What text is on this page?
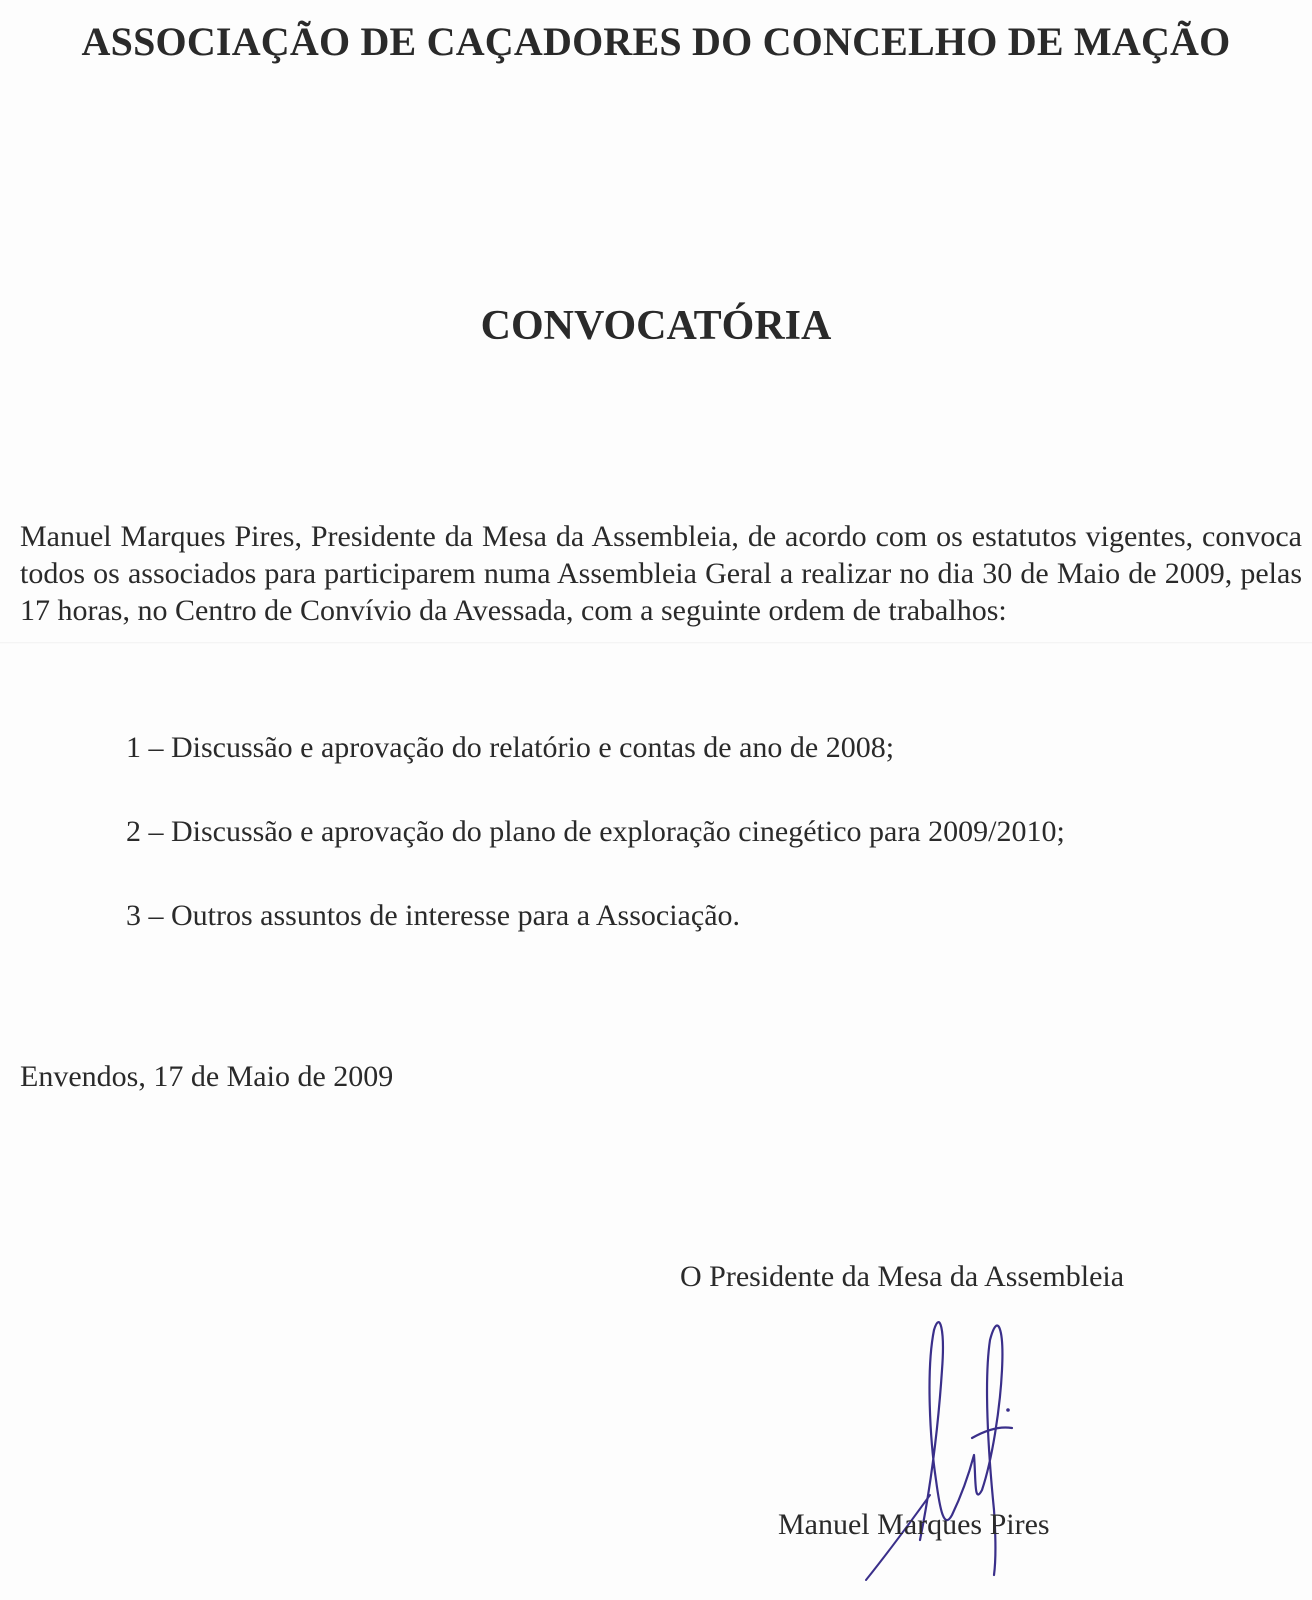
ASSOCIAÇÃO DE CAÇADORES DO CONCELHO DE MAÇÃO
CONVOCATÓRIA

Manuel Marques Pires, Presidente da Mesa da Assembleia, de acordo com os estatutos vigentes, convoca todos os associados para participarem numa Assembleia Geral a realizar no dia 30 de Maio de 2009, pelas 17 horas, no Centro de Convívio da Avessada, com a seguinte ordem de trabalhos:

1 – Discussão e aprovação do relatório e contas de ano de 2008;
2 – Discussão e aprovação do plano de exploração cinegético para 2009/2010;
3 – Outros assuntos de interesse para a Associação.

Envendos, 17 de Maio de 2009

O Presidente da Mesa da Assembleia

Manuel Marques Pires
